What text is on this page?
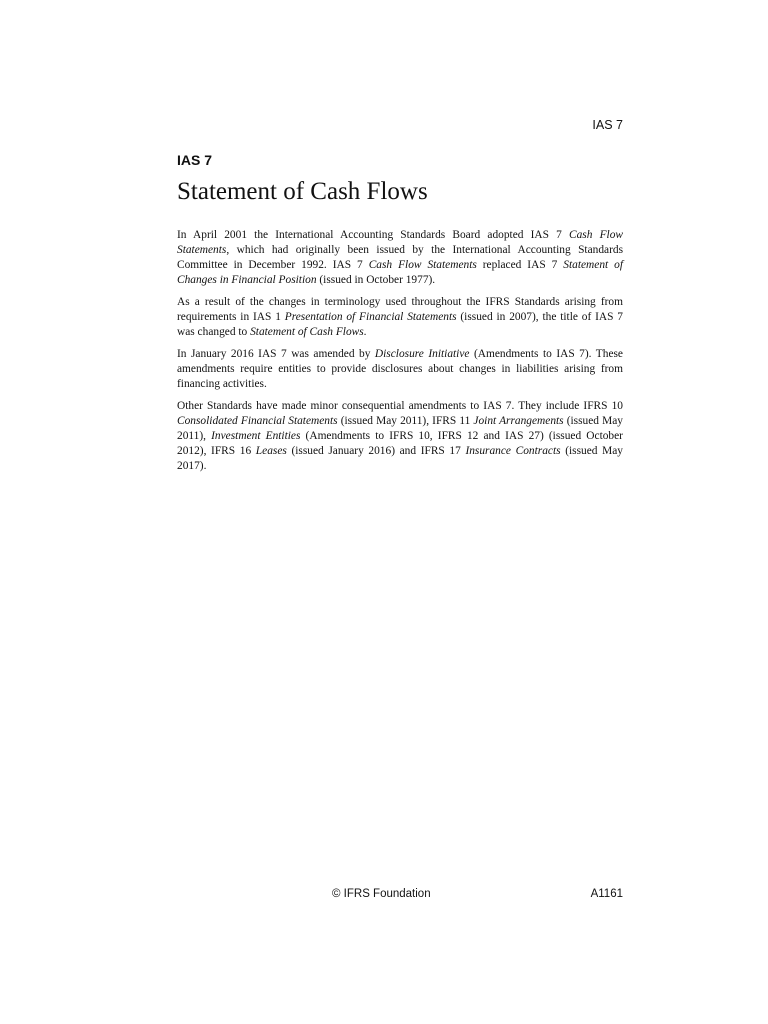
IAS 7
IAS 7
Statement of Cash Flows

In April 2001 the International Accounting Standards Board adopted IAS 7 Cash Flow Statements, which had originally been issued by the International Accounting Standards Committee in December 1992. IAS 7 Cash Flow Statements replaced IAS 7 Statement of Changes in Financial Position (issued in October 1977).

As a result of the changes in terminology used throughout the IFRS Standards arising from requirements in IAS 1 Presentation of Financial Statements (issued in 2007), the title of IAS 7 was changed to Statement of Cash Flows.

In January 2016 IAS 7 was amended by Disclosure Initiative (Amendments to IAS 7). These amendments require entities to provide disclosures about changes in liabilities arising from financing activities.

Other Standards have made minor consequential amendments to IAS 7. They include IFRS 10 Consolidated Financial Statements (issued May 2011), IFRS 11 Joint Arrangements (issued May 2011), Investment Entities (Amendments to IFRS 10, IFRS 12 and IAS 27) (issued October 2012), IFRS 16 Leases (issued January 2016) and IFRS 17 Insurance Contracts (issued May 2017).

© IFRS Foundation	A1161
